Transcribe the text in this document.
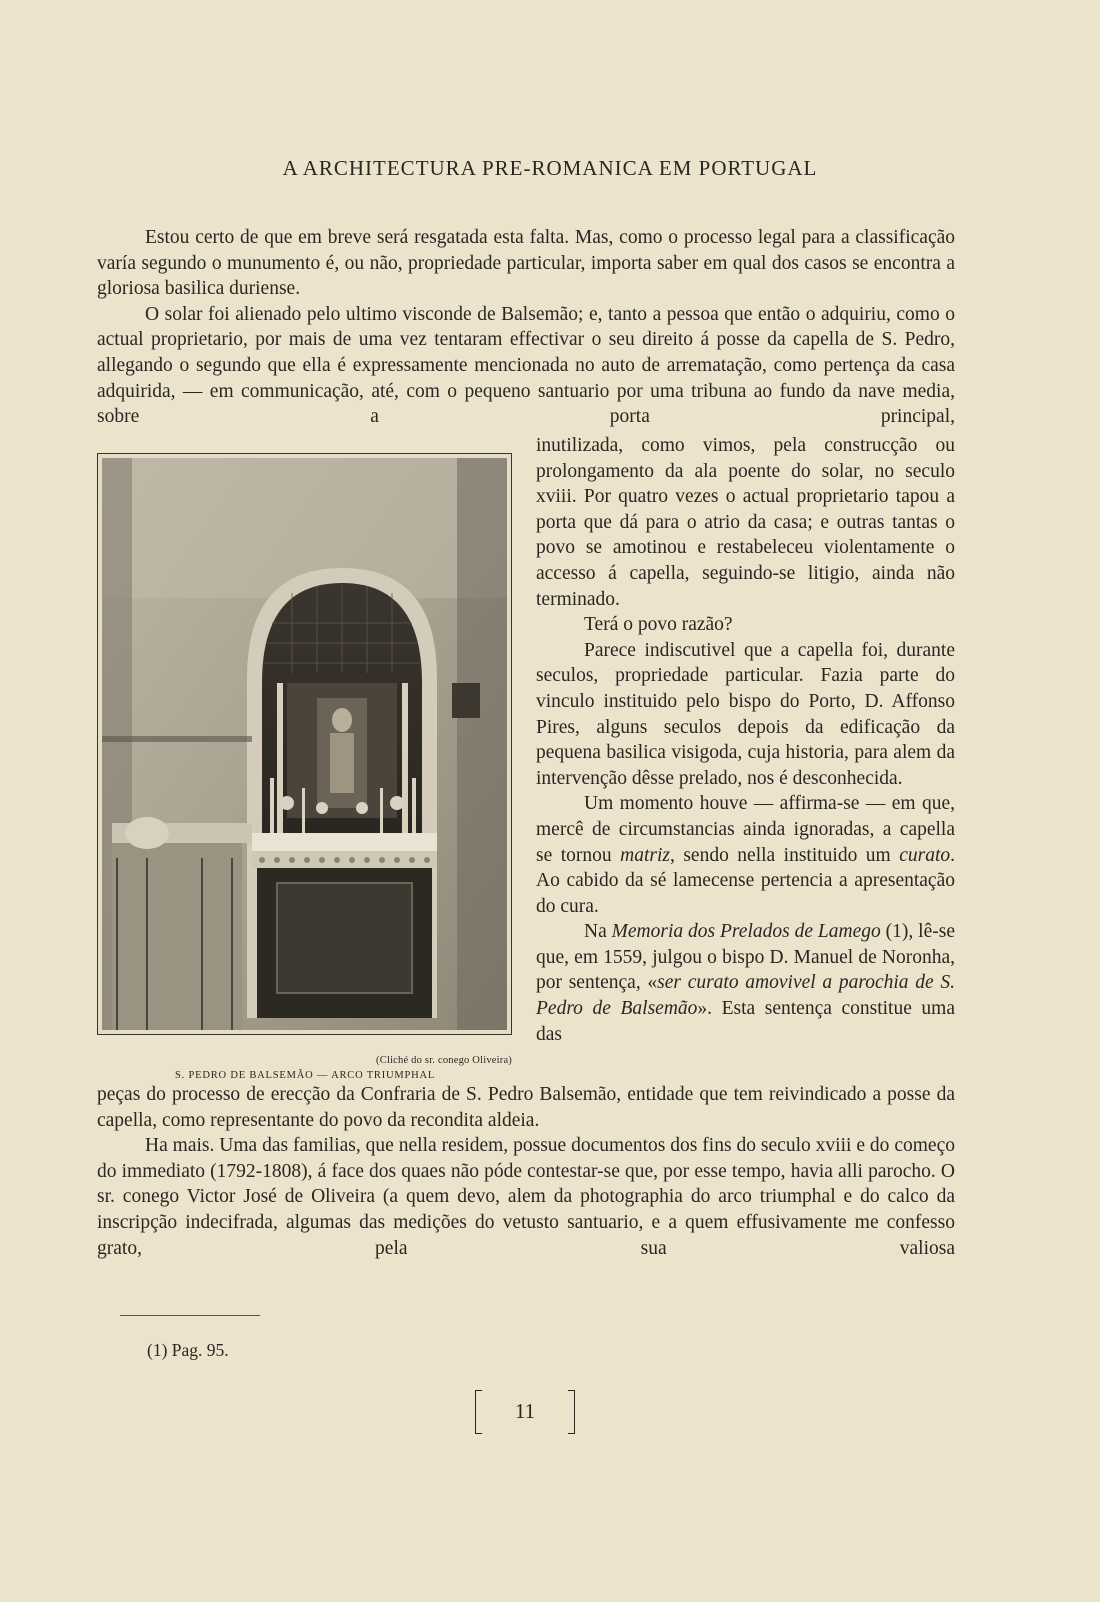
A ARCHITECTURA PRE-ROMANICA EM PORTUGAL

Estou certo de que em breve será resgatada esta falta. Mas, como o processo legal para a classificação varía segundo o munumento é, ou não, propriedade particular, importa saber em qual dos casos se encontra a gloriosa basilica duriense.

O solar foi alienado pelo ultimo visconde de Balsemão; e, tanto a pessoa que então o adquiriu, como o actual proprietario, por mais de uma vez tentaram effectivar o seu direito á posse da capella de S. Pedro, allegando o segundo que ella é expressamente mencionada no auto de arrematação, como pertença da casa adquirida, — em communicação, até, com o pequeno santuario por uma tribuna ao fundo da nave media, sobre a porta principal,

(Cliché do sr. conego Oliveira)
S. PEDRO DE BALSEMÃO — ARCO TRIUMPHAL

inutilizada, como vimos, pela construcção ou prolongamento da ala poente do solar, no seculo xviii. Por quatro vezes o actual proprietario tapou a porta que dá para o atrio da casa; e outras tantas o povo se amotinou e restabeleceu violentamente o accesso á capella, seguindo-se litigio, ainda não terminado.

Terá o povo razão?

Parece indiscutivel que a capella foi, durante seculos, propriedade particular. Fazia parte do vinculo instituido pelo bispo do Porto, D. Affonso Pires, alguns seculos depois da edificação da pequena basilica visigoda, cuja historia, para alem da intervenção dêsse prelado, nos é desconhecida.

Um momento houve — affirma-se — em que, mercê de circumstancias ainda ignoradas, a capella se tornou matriz, sendo nella instituido um curato. Ao cabido da sé lamecense pertencia a apresentação do cura.

Na Memoria dos Prelados de Lamego (1), lê-se que, em 1559, julgou o bispo D. Manuel de Noronha, por sentença, «ser curato amovivel a parochia de S. Pedro de Balsemão». Esta sentença constitue uma das

peças do processo de erecção da Confraria de S. Pedro Balsemão, entidade que tem reivindicado a posse da capella, como representante do povo da recondita aldeia.

Ha mais. Uma das familias, que nella residem, possue documentos dos fins do seculo xviii e do começo do immediato (1792-1808), á face dos quaes não póde contestar-se que, por esse tempo, havia alli parocho. O sr. conego Victor José de Oliveira (a quem devo, alem da photographia do arco triumphal e do calco da inscripção indecifrada, algumas das medições do vetusto santuario, e a quem effusivamente me confesso grato, pela sua valiosa

(1) Pag. 95.
11
